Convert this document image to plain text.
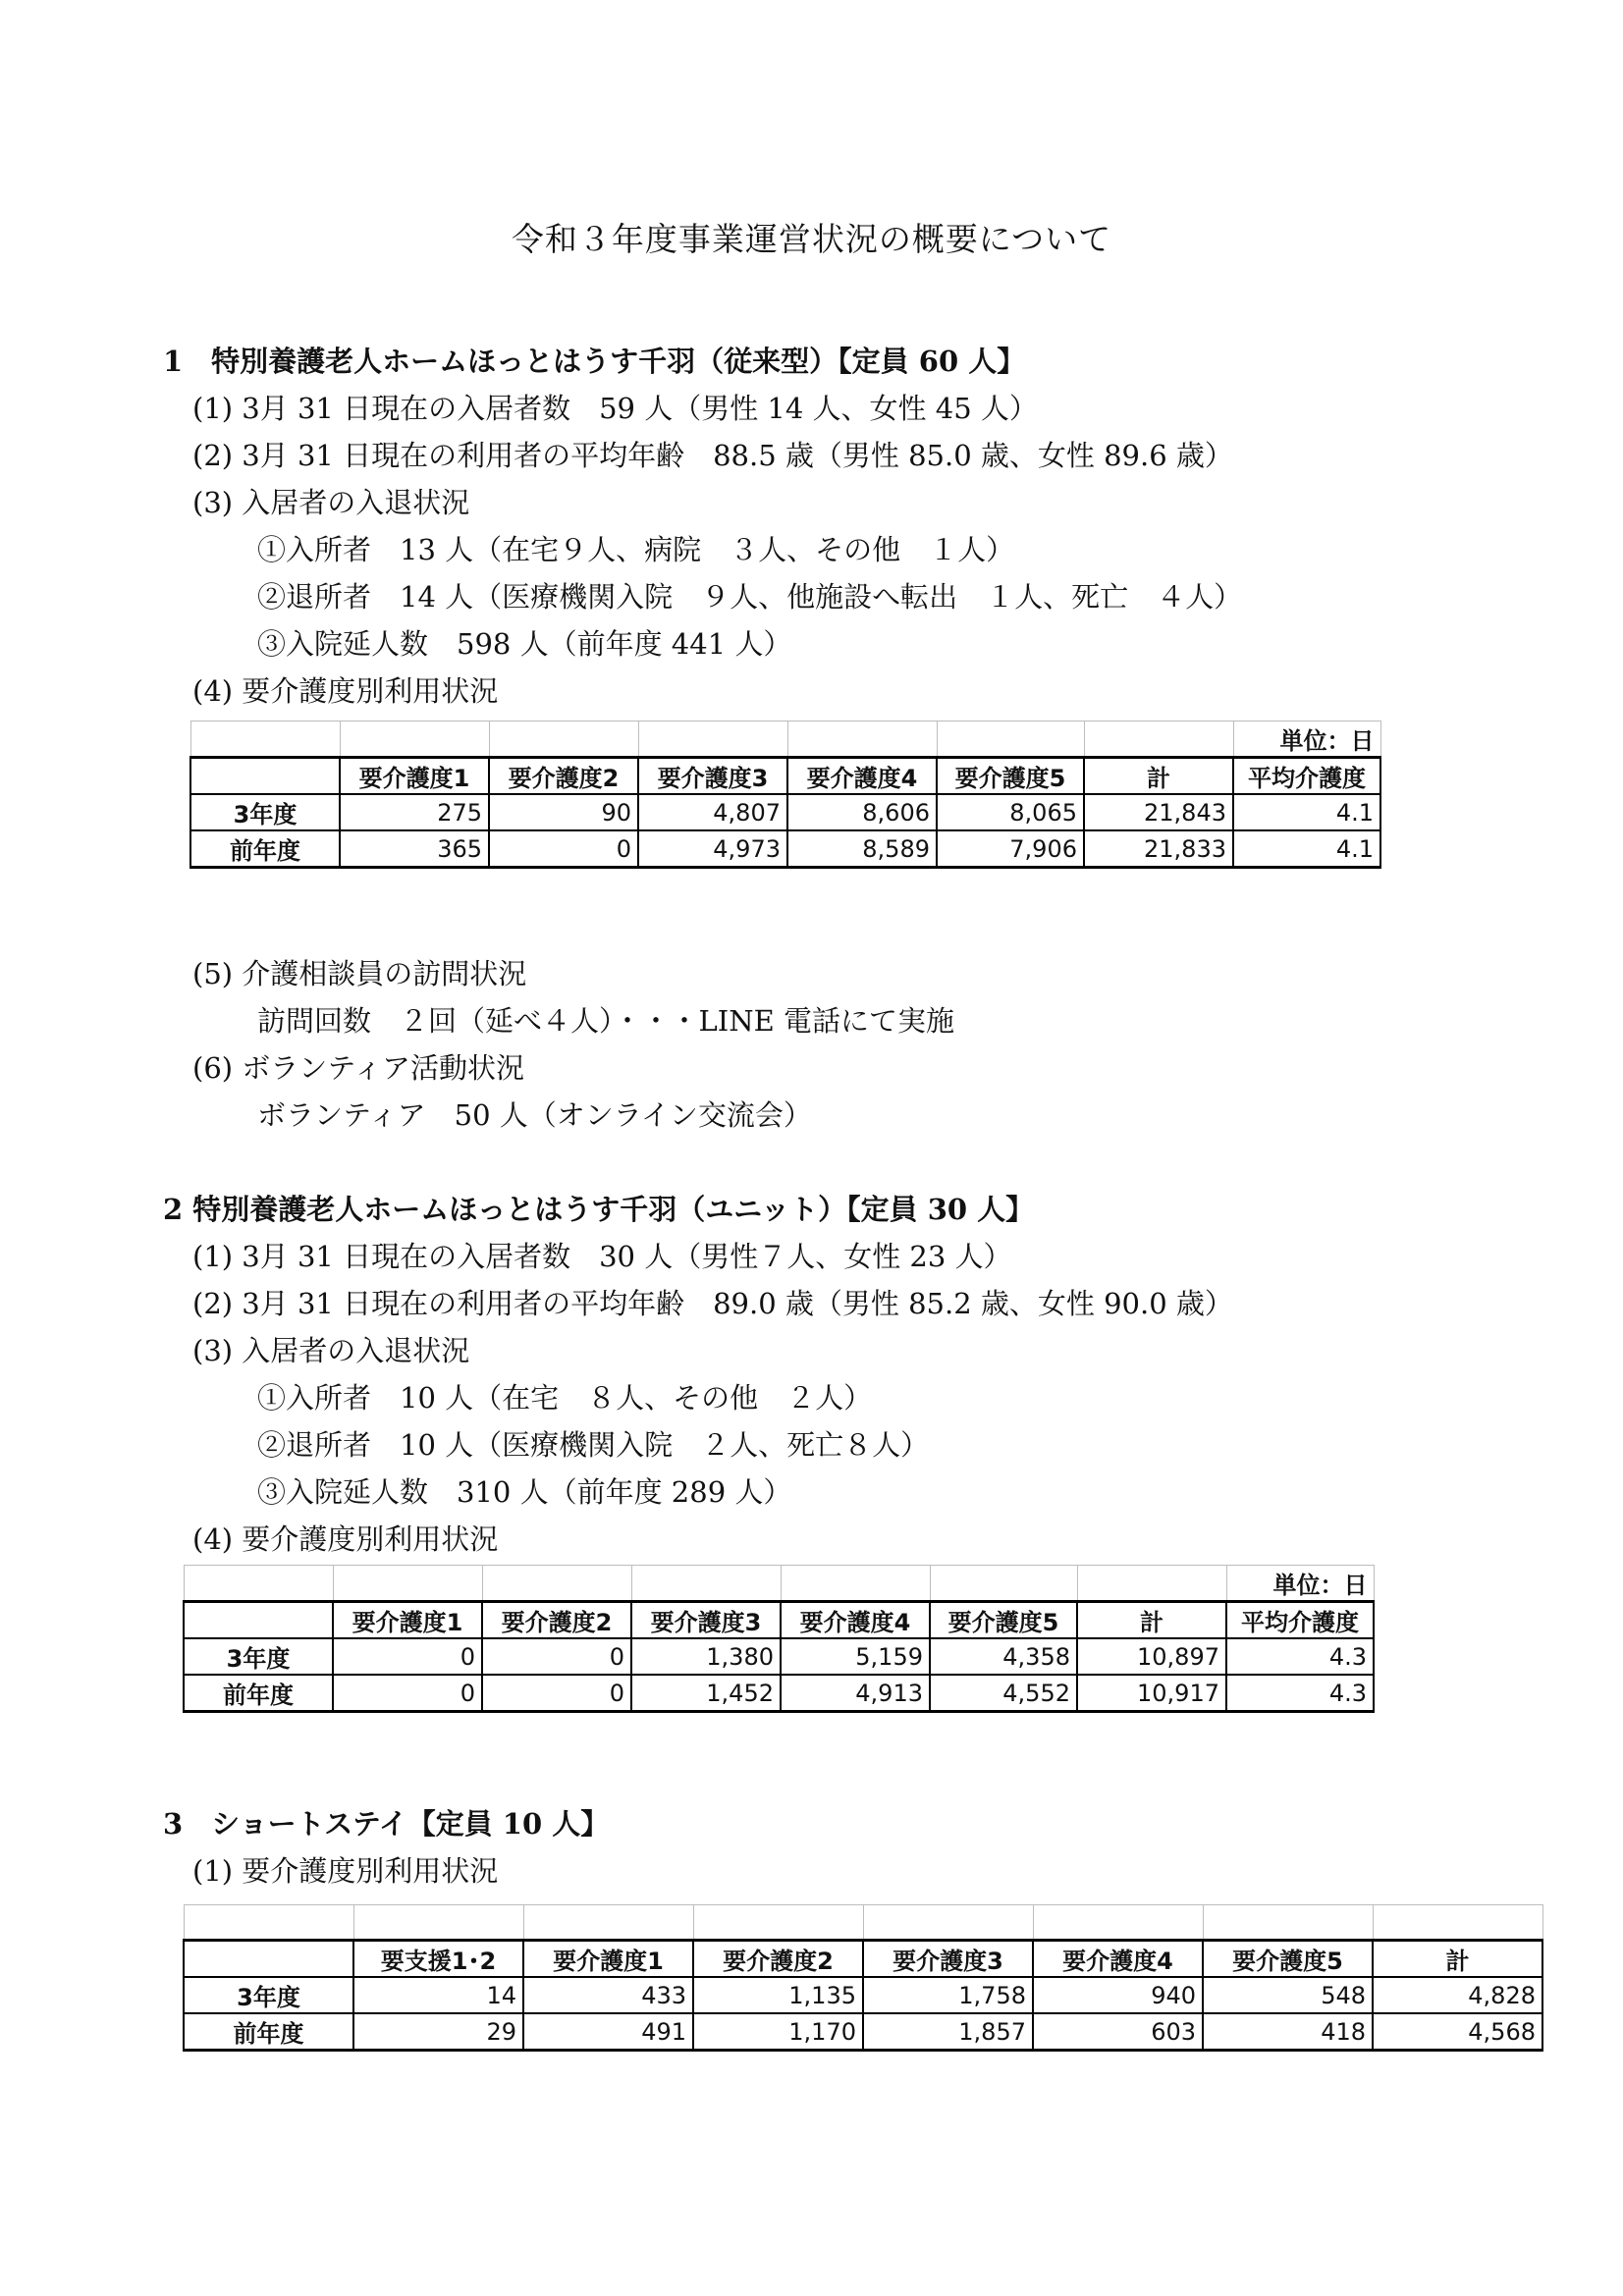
令和３年度事業運営状況の概要について
1　特別養護老人ホームほっとはうす千羽（従来型）【定員 60 人】
(1) 3月 31 日現在の入居者数　59 人（男性 14 人、女性 45 人）
(2) 3月 31 日現在の利用者の平均年齢　88.5 歳（男性 85.0 歳、女性 89.6 歳）
(3) 入居者の入退状況
①入所者　13 人（在宅９人、病院　３人、その他　１人）
②退所者　14 人（医療機関入院　９人、他施設へ転出　１人、死亡　４人）
③入院延人数　598 人（前年度 441 人）
(4) 要介護度別利用状況
							単位：日
	要介護度1	要介護度2	要介護度3	要介護度4	要介護度5	計	平均介護度
3年度	275	90	4,807	8,606	8,065	21,843	4.1
前年度	365	0	4,973	8,589	7,906	21,833	4.1
(5) 介護相談員の訪問状況
訪問回数　２回（延べ４人）・・・LINE 電話にて実施
(6) ボランティア活動状況
ボランティア　50 人（オンライン交流会）
2 特別養護老人ホームほっとはうす千羽（ユニット）【定員 30 人】
(1) 3月 31 日現在の入居者数　30 人（男性７人、女性 23 人）
(2) 3月 31 日現在の利用者の平均年齢　89.0 歳（男性 85.2 歳、女性 90.0 歳）
(3) 入居者の入退状況
①入所者　10 人（在宅　８人、その他　２人）
②退所者　10 人（医療機関入院　２人、死亡８人）
③入院延人数　310 人（前年度 289 人）
(4) 要介護度別利用状況
							単位：日
	要介護度1	要介護度2	要介護度3	要介護度4	要介護度5	計	平均介護度
3年度	0	0	1,380	5,159	4,358	10,897	4.3
前年度	0	0	1,452	4,913	4,552	10,917	4.3
3　ショートステイ【定員 10 人】
(1) 要介護度別利用状況

	要支援1･2	要介護度1	要介護度2	要介護度3	要介護度4	要介護度5	計
3年度	14	433	1,135	1,758	940	548	4,828
前年度	29	491	1,170	1,857	603	418	4,568
